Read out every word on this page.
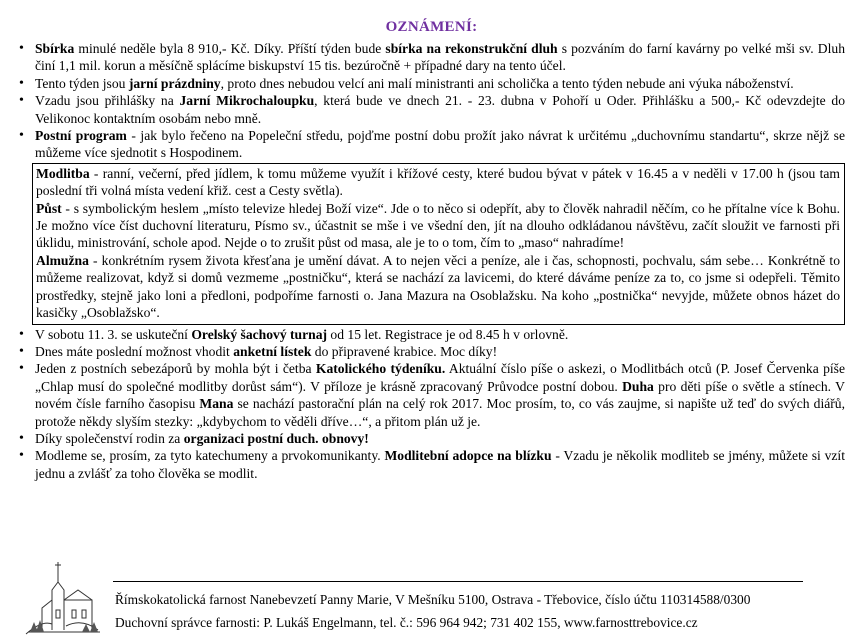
OZNÁMENÍ:
• Sbírka minulé neděle byla 8 910,- Kč. Díky. Příští týden bude sbírka na rekonstrukční dluh s pozváním do farní kavárny po velké mši sv. Dluh činí 1,1 mil. korun a měsíčně splácíme biskupství 15 tis. bezúročně + případné dary na tento účel.
• Tento týden jsou jarní prázdniny, proto dnes nebudou velcí ani malí ministranti ani scholička a tento týden nebude ani výuka náboženství.
• Vzadu jsou přihlášky na Jarní Mikrochaloupku, která bude ve dnech 21. - 23. dubna v Pohoří u Oder. Přihlášku a 500,- Kč odevzdejte do Velikonoc kontaktním osobám nebo mně.
• Postní program - jak bylo řečeno na Popeleční středu, pojďme postní dobu prožít jako návrat k určitému „duchovnímu standartu“, skrze nějž se můžeme více sjednotit s Hospodinem.

Modlitba - ranní, večerní, před jídlem, k tomu můžeme využít i křížové cesty, které budou bývat v pátek v 16.45 a v neděli v 17.00 h (jsou tam poslední tři volná místa vedení křiž. cest a Cesty světla).

Půst - s symbolickým heslem „místo televize hledej Boží vize“. Jde o to něco si odepřít, aby to člověk nahradil něčím, co he přítalne více k Bohu. Je možno více číst duchovní literaturu, Písmo sv., účastnit se mše i ve všední den, jít na dlouho odkládanou návštěvu, začít sloužit ve farnosti při úklidu, ministrování, schole apod. Nejde o to zrušit půst od masa, ale je to o tom, čím to „maso“ nahradíme!

Almužna - konkrétním rysem života křesťana je umění dávat. A to nejen věci a peníze, ale i čas, schopnosti, pochvalu, sám sebe… Konkrétně to můžeme realizovat, když si domů vezmeme „postničku“, která se nachází za lavicemi, do které dáváme peníze za to, co jsme si odepřeli. Těmito prostředky, stejně jako loni a předloni, podpoříme farnosti o. Jana Mazura na Osoblažsku. Na koho „postnička“ nevyjde, můžete obnos házet do kasičky „Osoblažsko“.

• V sobotu 11. 3. se uskuteční Orelský šachový turnaj od 15 let. Registrace je od 8.45 h v orlovně.
• Dnes máte poslední možnost vhodit anketní lístek do připravené krabice. Moc díky!
• Jeden z postních sebezáporů by mohla být i četba Katolického týdeníku. Aktuální číslo píše o askezi, o Modlitbách otců (P. Josef Červenka píše „Chlap musí do společné modlitby dorůst sám“). V příloze je krásně zpracovaný Průvodce postní dobou. Duha pro děti píše o světle a stínech. V novém čísle farního časopisu Mana se nachází pastorační plán na celý rok 2017. Moc prosím, to, co vás zaujme, si napište už teď do svých diářů, protože někdy slyším stezky: „kdybychom to věděli dříve…“, a přitom plán už je.
• Díky společenství rodin za organizaci postní duch. obnovy!
• Modleme se, prosím, za tyto katechumeny a prvokomunikanty. Modlitební adopce na blízku - Vzadu je několik modliteb se jmény, můžete si vzít jednu a zvlášť za toho člověka se modlit.
Římskokatolická farnost Nanebevzetí Panny Marie, V Mešníku 5100, Ostrava - Třebovice, číslo účtu 110314588/0300
Duchovní správce farnosti: P. Lukáš Engelmann, tel. č.: 596 964 942; 731 402 155, www.farnosttrebovice.cz
